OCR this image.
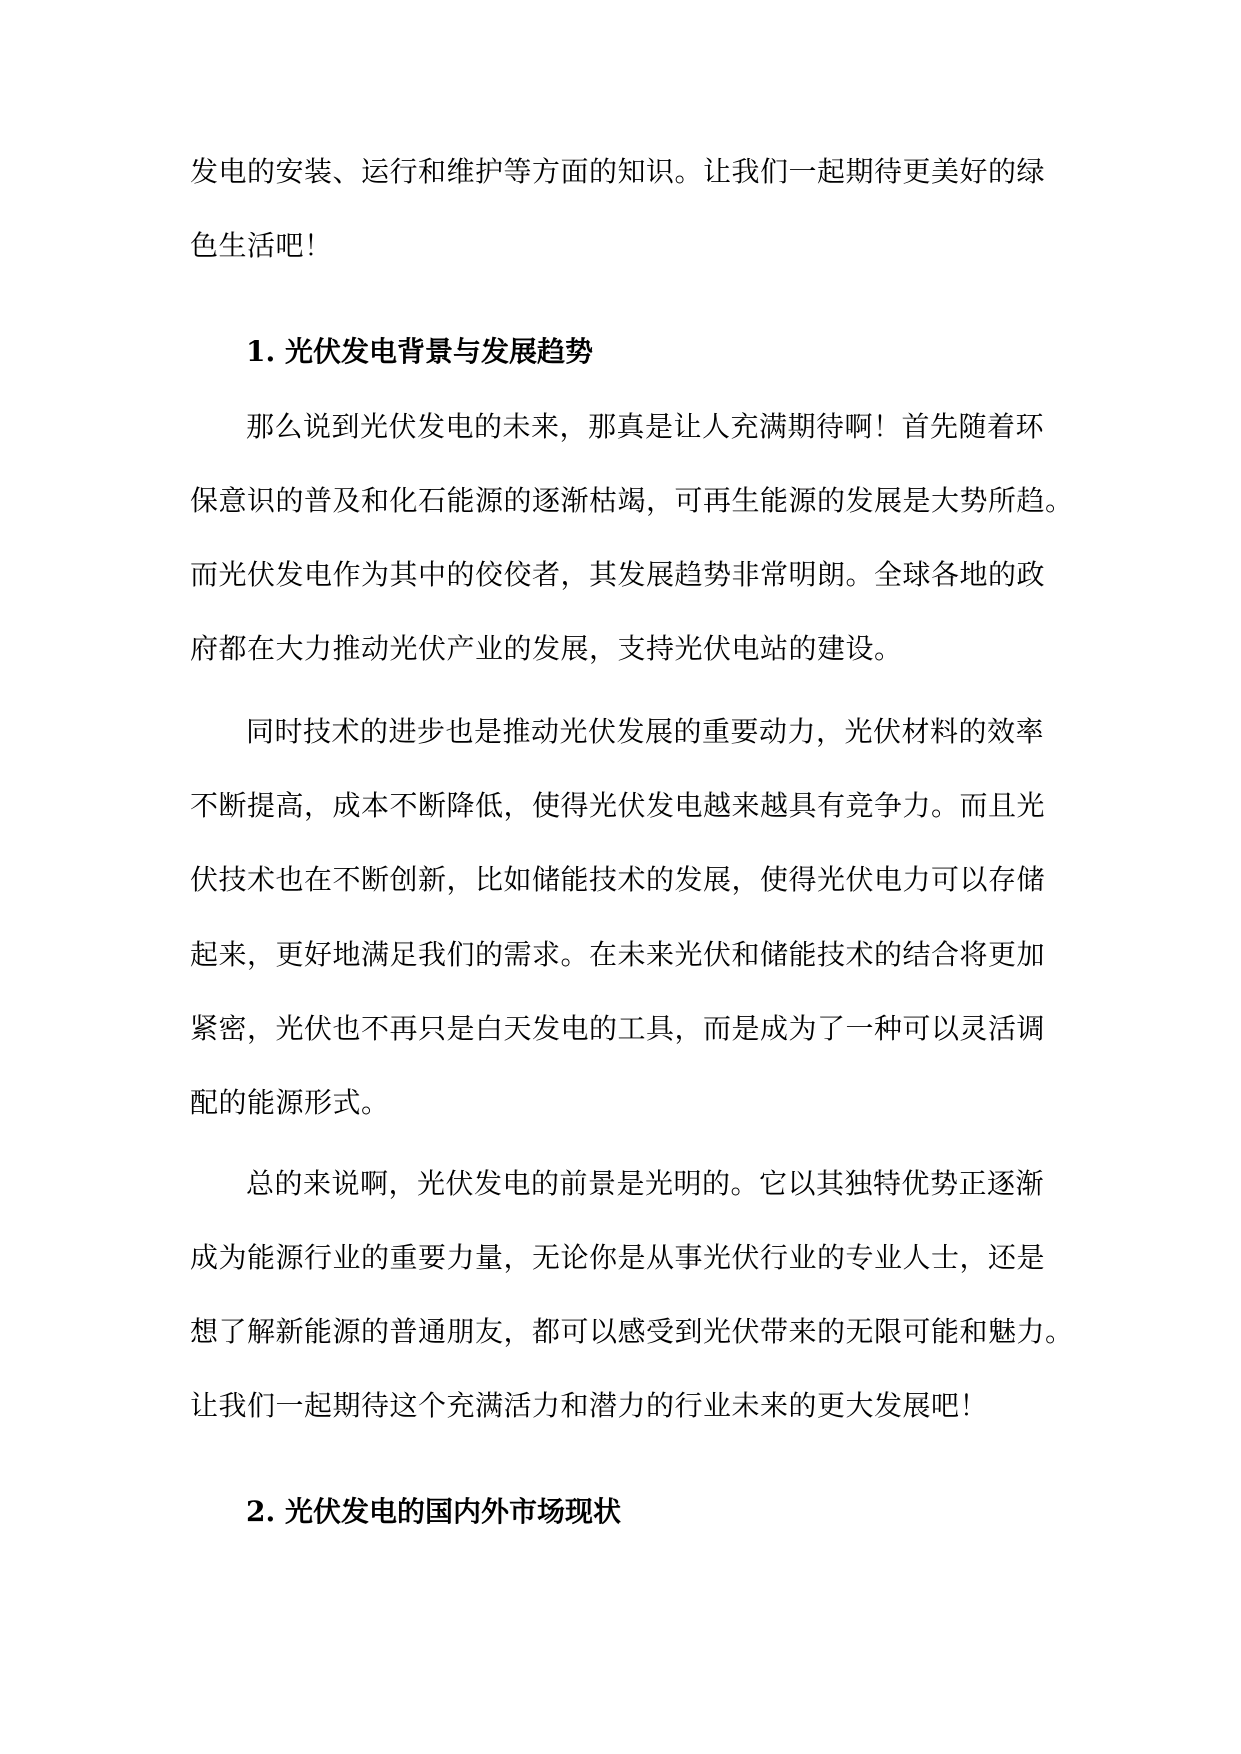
发电的安装、运行和维护等方面的知识。让我们一起期待更美好的绿
色生活吧！
1. 光伏发电背景与发展趋势
那么说到光伏发电的未来，那真是让人充满期待啊！首先随着环
保意识的普及和化石能源的逐渐枯竭，可再生能源的发展是大势所趋。
而光伏发电作为其中的佼佼者，其发展趋势非常明朗。全球各地的政
府都在大力推动光伏产业的发展，支持光伏电站的建设。
同时技术的进步也是推动光伏发展的重要动力，光伏材料的效率
不断提高，成本不断降低，使得光伏发电越来越具有竞争力。而且光
伏技术也在不断创新，比如储能技术的发展，使得光伏电力可以存储
起来，更好地满足我们的需求。在未来光伏和储能技术的结合将更加
紧密，光伏也不再只是白天发电的工具，而是成为了一种可以灵活调
配的能源形式。
总的来说啊，光伏发电的前景是光明的。它以其独特优势正逐渐
成为能源行业的重要力量，无论你是从事光伏行业的专业人士，还是
想了解新能源的普通朋友，都可以感受到光伏带来的无限可能和魅力。
让我们一起期待这个充满活力和潜力的行业未来的更大发展吧！
2. 光伏发电的国内外市场现状
